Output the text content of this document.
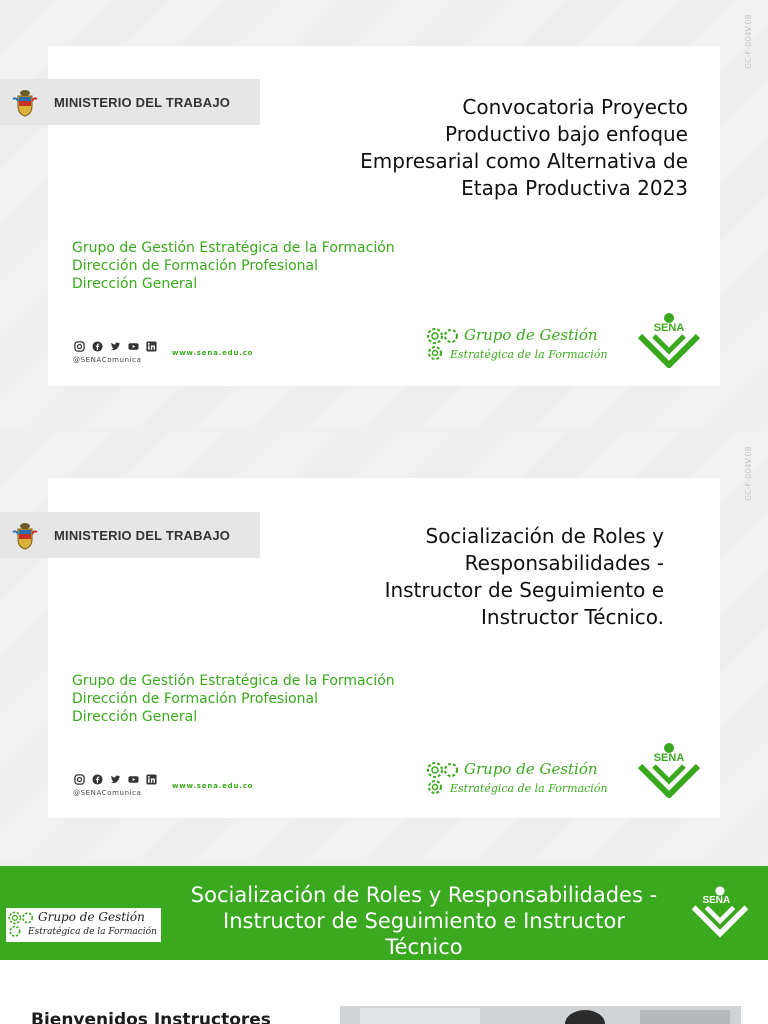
GC-F-004V.08
MINISTERIO DEL TRABAJO	Convocatoria Proyecto
Productivo bajo enfoque
Empresarial como Alternativa de
Etapa Productiva 2023
Grupo de Gestión Estratégica de la Formación
Dirección de Formación Profesional
Dirección General
@SENAComunica
www.sena.edu.co
Grupo de Gestión
Estratégica de la Formación
SENA
GC-F-004V.08
MINISTERIO DEL TRABAJO	Socialización de Roles y
Responsabilidades -
Instructor de Seguimiento e
Instructor Técnico.
Grupo de Gestión Estratégica de la Formación
Dirección de Formación Profesional
Dirección General
@SENAComunica
www.sena.edu.co
Grupo de Gestión
Estratégica de la Formación
SENA
Grupo de Gestión
Estratégica de la Formación
Socialización de Roles y Responsabilidades -
Instructor de Seguimiento e Instructor
Técnico
SENA
Bienvenidos Instructores
